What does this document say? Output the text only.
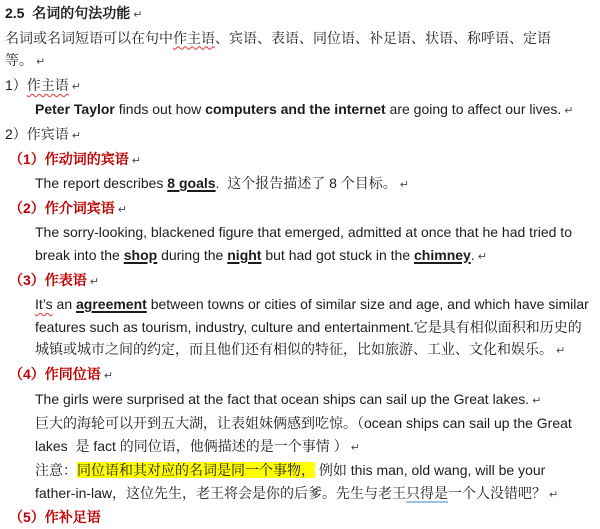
2.5  名词的句法功能 ↵
名词或名词短语可以在句中作主语、宾语、表语、同位语、补足语、状语、称呼语、定语
等。 ↵
1）作主语 ↵
Peter Taylor finds out how computers and the internet are going to affect our lives. ↵
2）作宾语 ↵
（1）作动词的宾语 ↵
The report describes 8 goals.  这个报告描述了 8 个目标。 ↵
（2）作介词宾语 ↵
The sorry-looking, blackened figure that emerged, admitted at once that he had tried to
break into the shop during the night but had got stuck in the chimney. ↵
（3）作表语 ↵
It’s an agreement between towns or cities of similar size and age, and which have similar
features such as tourism, industry, culture and entertainment.它是具有相似面积和历史的
城镇或城市之间的约定，而且他们还有相似的特征，比如旅游、工业、文化和娱乐。 ↵
（4）作同位语 ↵
The girls were surprised at the fact that ocean ships can sail up the Great lakes. ↵
巨大的海轮可以开到五大湖，让表姐妹俩感到吃惊。（ocean ships can sail up the Great
lakes  是 fact 的同位语，他俩描述的是一个事情 ） ↵
注意：同位语和其对应的名词是同一个事物， 例如 this man, old wang, will be your
father-in-law，这位先生，老王将会是你的后爹。先生与老王只得是一个人没错吧？ ↵
（5）作补足语
